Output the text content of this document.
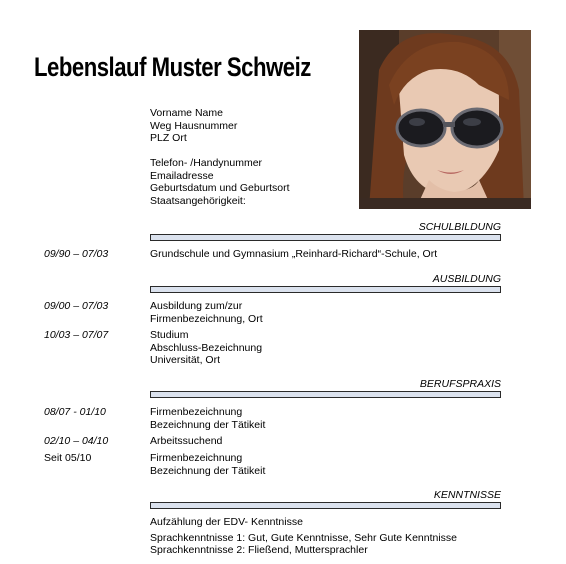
Lebenslauf Muster Schweiz
Vorname Name
Weg Hausnummer
PLZ Ort
Telefon- /Handynummer
Emailadresse
Geburtsdatum und Geburtsort
Staatsangehörigkeit:
SCHULBILDUNG
09/90 – 07/03	Grundschule und Gymnasium „Reinhard-Richard“-Schule, Ort
AUSBILDUNG
09/00 – 07/03	Ausbildung zum/zur
Firmenbezeichnung, Ort
10/03 – 07/07	Studium
Abschluss-Bezeichnung
Universität, Ort
BERUFSPRAXIS
08/07 - 01/10	Firmenbezeichnung
Bezeichnung der Tätikeit
02/10 – 04/10	Arbeitssuchend
Seit 05/10	Firmenbezeichnung
Bezeichnung der Tätikeit
KENNTNISSE
Aufzählung der EDV- Kenntnisse
Sprachkenntnisse 1: Gut, Gute Kenntnisse, Sehr Gute Kenntnisse
Sprachkenntnisse 2: Fließend, Muttersprachler
